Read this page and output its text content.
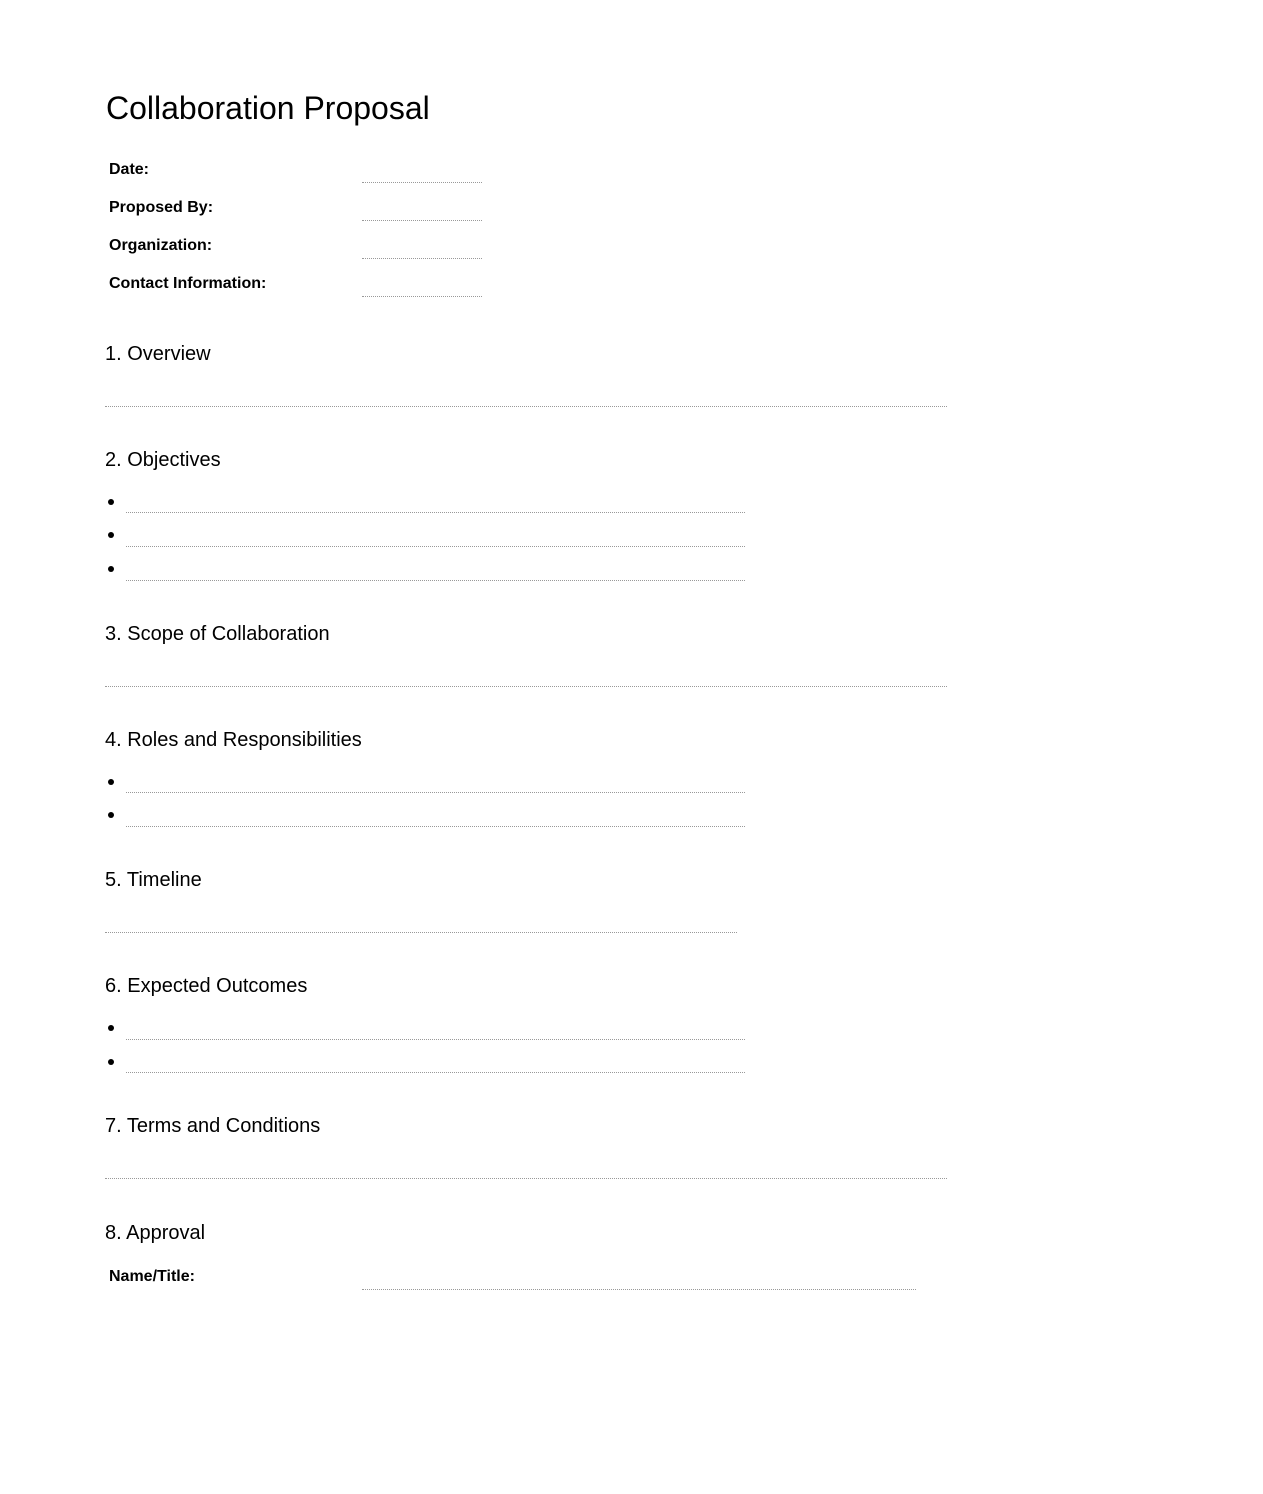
Collaboration Proposal
Date:
Proposed By:
Organization:
Contact Information:
1. Overview
2. Objectives
3. Scope of Collaboration
4. Roles and Responsibilities
5. Timeline
6. Expected Outcomes
7. Terms and Conditions
8. Approval
Name/Title:
